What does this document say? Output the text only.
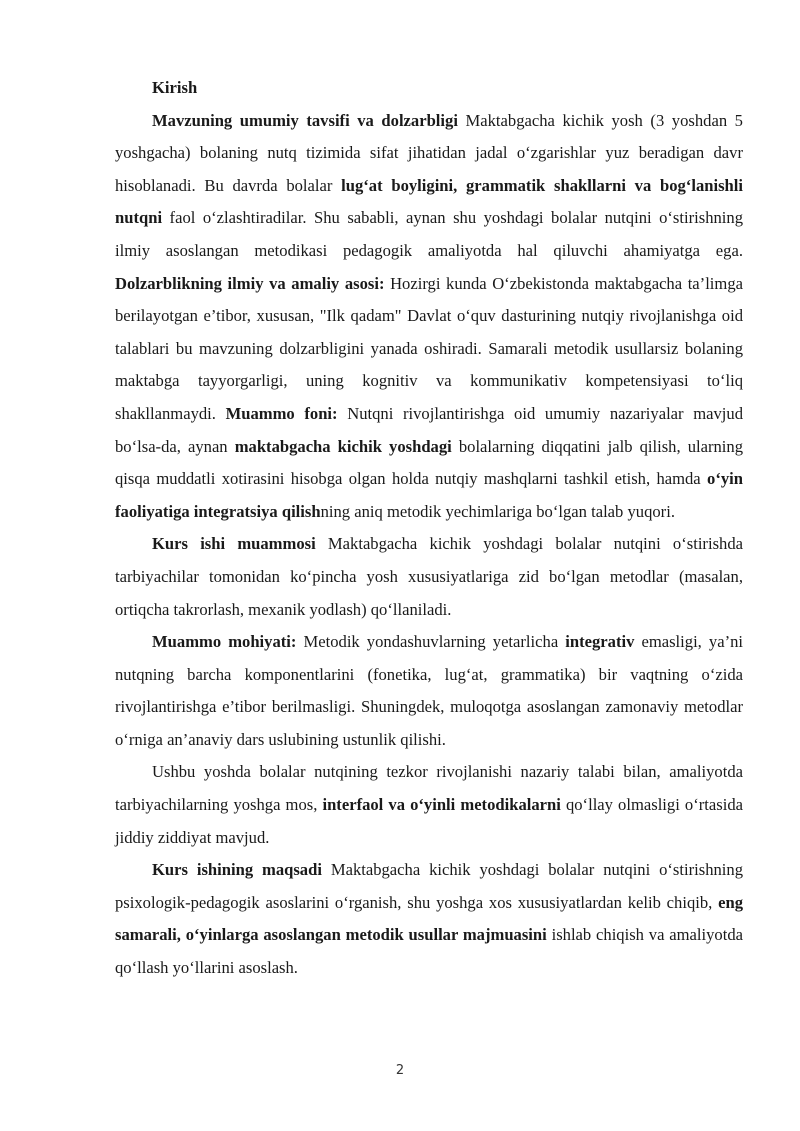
Kirish

Mavzuning umumiy tavsifi va dolzarbligi Maktabgacha kichik yosh (3 yoshdan 5 yoshgacha) bolaning nutq tizimida sifat jihatidan jadal o‘zgarishlar yuz beradigan davr hisoblanadi. Bu davrda bolalar lug‘at boyligini, grammatik shakllarni va bog‘lanishli nutqni faol o‘zlashtiradilar. Shu sababli, aynan shu yoshdagi bolalar nutqini o‘stirishning ilmiy asoslangan metodikasi pedagogik amaliyotda hal qiluvchi ahamiyatga ega. Dolzarblikning ilmiy va amaliy asosi: Hozirgi kunda O‘zbekistonda maktabgacha ta’limga berilayotgan e’tibor, xususan, "Ilk qadam" Davlat o‘quv dasturining nutqiy rivojlanishga oid talablari bu mavzuning dolzarbligini yanada oshiradi. Samarali metodik usullarsiz bolaning maktabga tayyorgarligi, uning kognitiv va kommunikativ kompetensiyasi to‘liq shakllanmaydi. Muammo foni: Nutqni rivojlantirishga oid umumiy nazariyalar mavjud bo‘lsa-da, aynan maktabgacha kichik yoshdagi bolalarning diqqatini jalb qilish, ularning qisqa muddatli xotirasini hisobga olgan holda nutqiy mashqlarni tashkil etish, hamda o‘yin faoliyatiga integratsiya qilishning aniq metodik yechimlariga bo‘lgan talab yuqori.

Kurs ishi muammosi Maktabgacha kichik yoshdagi bolalar nutqini o‘stirishda tarbiyachilar tomonidan ko‘pincha yosh xususiyatlariga zid bo‘lgan metodlar (masalan, ortiqcha takrorlash, mexanik yodlash) qo‘llaniladi.

Muammo mohiyati: Metodik yondashuvlarning yetarlicha integrativ emasligi, ya’ni nutqning barcha komponentlarini (fonetika, lug‘at, grammatika) bir vaqtning o‘zida rivojlantirishga e’tibor berilmasligi. Shuningdek, muloqotga asoslangan zamonaviy metodlar o‘rniga an’anaviy dars uslubining ustunlik qilishi.

Ushbu yoshda bolalar nutqining tezkor rivojlanishi nazariy talabi bilan, amaliyotda tarbiyachilarning yoshga mos, interfaol va o‘yinli metodikalarni qo‘llay olmasligi o‘rtasida jiddiy ziddiyat mavjud.

Kurs ishining maqsadi Maktabgacha kichik yoshdagi bolalar nutqini o‘stirishning psixologik-pedagogik asoslarini o‘rganish, shu yoshga xos xususiyatlardan kelib chiqib, eng samarali, o‘yinlarga asoslangan metodik usullar majmuasini ishlab chiqish va amaliyotda qo‘llash yo‘llarini asoslash.

2
